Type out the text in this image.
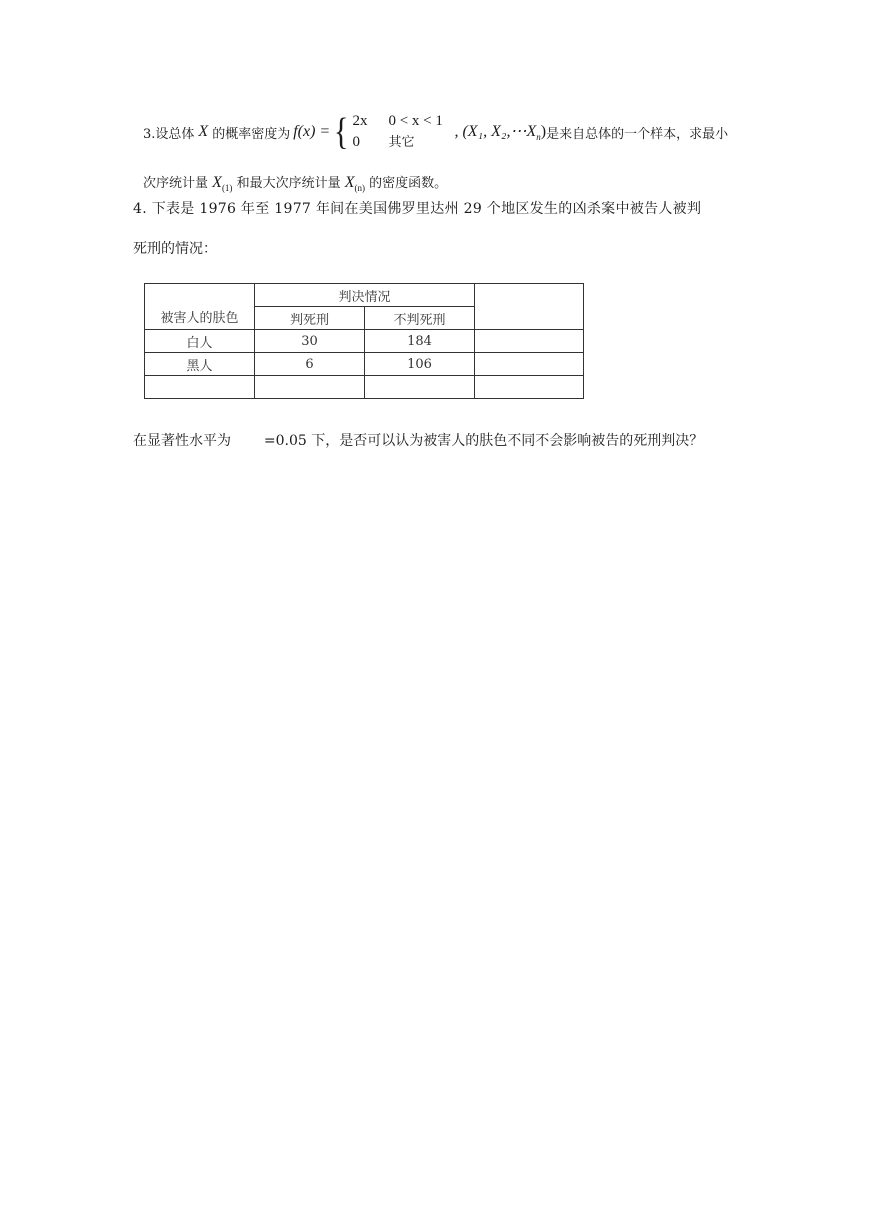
3.设总体 X 的概率密度为 f(x) = { 2x	0 < x < 1
0	其它
, (X₁, $X_2,\cdots X_n$) 是来自总体的一个样本，求最小
次序统计量 $X_{(1)}$ 和最大次序统计量 $X_{(n)}$ 的密度函数。
4. 下表是 1976 年至 1977 年间在美国佛罗里达州 29 个地区发生的凶杀案中被告人被判
死刑的情况：
被害人的肤色	判决情况		
	判死刑	不判死刑	
白人	30	184	
黑人	6	106	

在显著性水平为 =0.05 下，是否可以认为被害人的肤色不同不会影响被告的死刑判决？
